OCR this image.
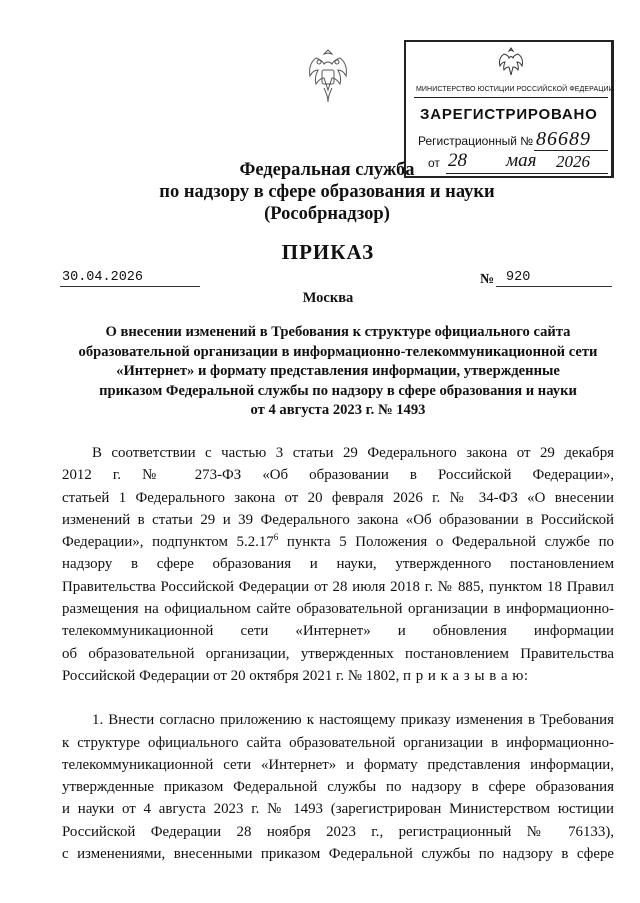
МИНИСТЕРСТВО ЮСТИЦИИ РОССИЙСКОЙ ФЕДЕРАЦИИ
ЗАРЕГИСТРИРОВАНО
Регистрационный № 86689
от 28 мая 2026
Федеральная служба
по надзору в сфере образования и науки
(Рособрнадзор)
ПРИКАЗ
30.04.2026	№ 920
Москва
О внесении изменений в Требования к структуре официального сайта
образовательной организации в информационно-телекоммуникационной сети
«Интернет» и формату представления информации, утвержденные
приказом Федеральной службы по надзору в сфере образования и науки
от 4 августа 2023 г. № 1493
В соответствии с частью 3 статьи 29 Федерального закона от 29 декабря
2012 г. № 273-ФЗ «Об образовании в Российской Федерации»,
статьей 1 Федерального закона от 20 февраля 2026 г. № 34-ФЗ «О внесении
изменений в статьи 29 и 39 Федерального закона «Об образовании в Российской
Федерации», подпунктом 5.2.17$^6$ пункта 5 Положения о Федеральной службе по
надзору в сфере образования и науки, утвержденного постановлением
Правительства Российской Федерации от 28 июля 2018 г. № 885, пунктом 18 Правил
размещения на официальном сайте образовательной организации в информационно-
телекоммуникационной сети «Интернет» и обновления информации
об образовательной организации, утвержденных постановлением Правительства
Российской Федерации от 20 октября 2021 г. № 1802, п р и к а з ы в а ю:
1. Внести согласно приложению к настоящему приказу изменения в Требования
к структуре официального сайта образовательной организации в информационно-
телекоммуникационной сети «Интернет» и формату представления информации,
утвержденные приказом Федеральной службы по надзору в сфере образования
и науки от 4 августа 2023 г. № 1493 (зарегистрирован Министерством юстиции
Российской Федерации 28 ноября 2023 г., регистрационный № 76133),
с изменениями, внесенными приказом Федеральной службы по надзору в сфере
